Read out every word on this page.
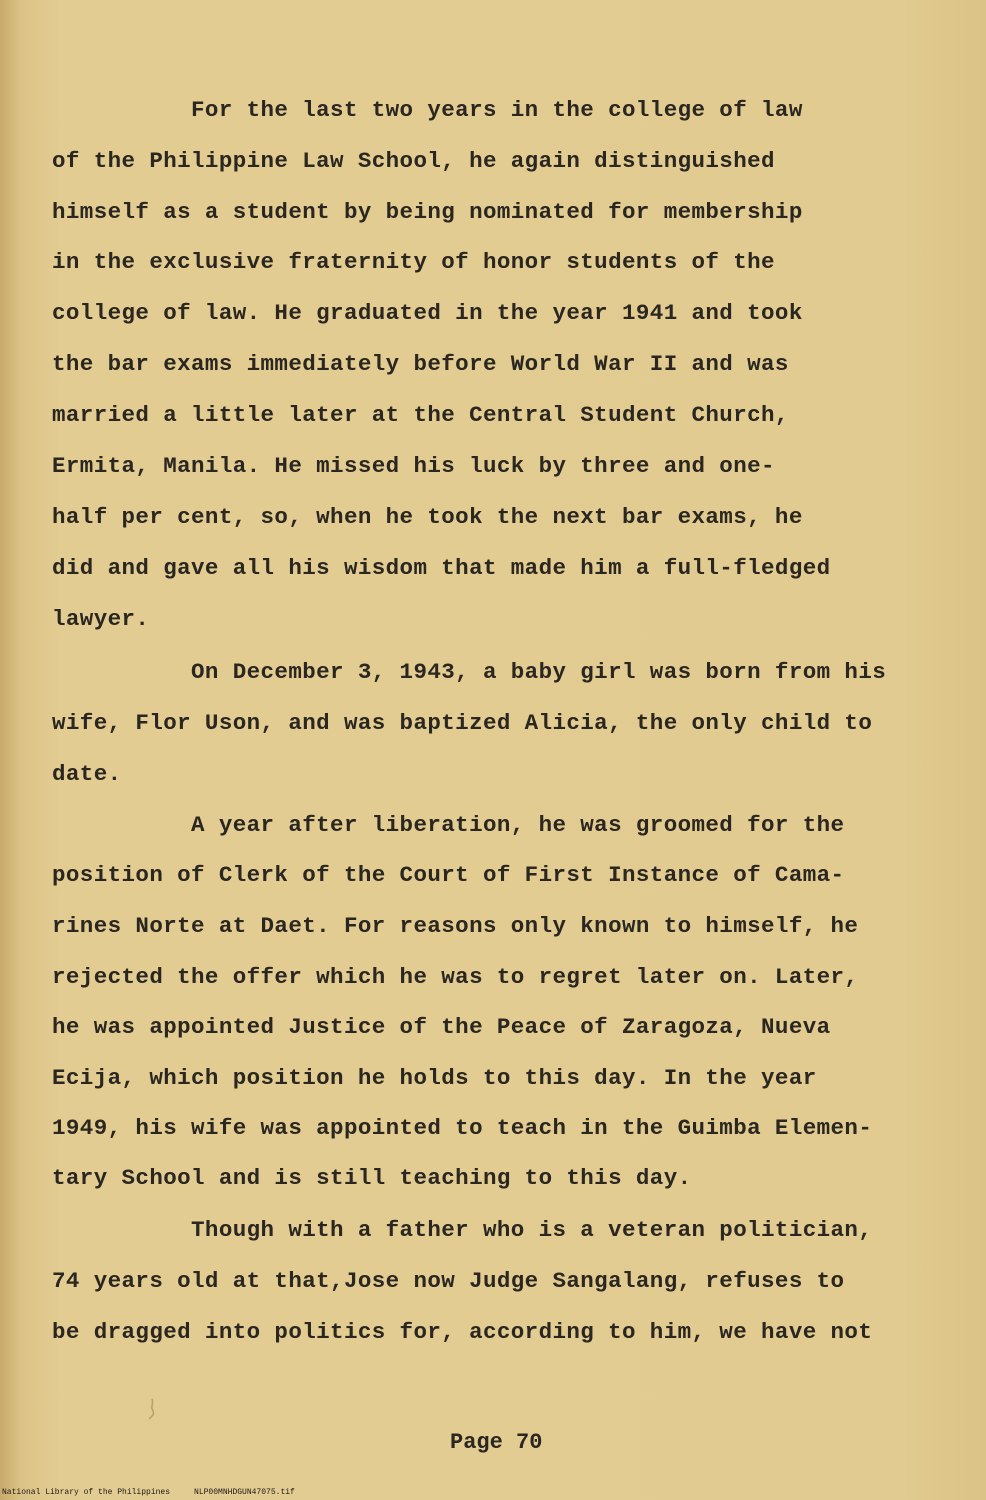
For the last two years in the college of law
of the Philippine Law School, he again distinguished
himself as a student by being nominated for membership
in the exclusive fraternity of honor students of the
college of law. He graduated in the year 1941 and took
the bar exams immediately before World War II and was
married a little later at the Central Student Church,
Ermita, Manila. He missed his luck by three and one-
half per cent, so, when he took the next bar exams, he
did and gave all his wisdom that made him a full-fledged
lawyer.
On December 3, 1943, a baby girl was born from his
wife, Flor Uson, and was baptized Alicia, the only child to
date.
A year after liberation, he was groomed for the
position of Clerk of the Court of First Instance of Cama-
rines Norte at Daet. For reasons only known to himself, he
rejected the offer which he was to regret later on. Later,
he was appointed Justice of the Peace of Zaragoza, Nueva
Ecija, which position he holds to this day. In the year
1949, his wife was appointed to teach in the Guimba Elemen-
tary School and is still teaching to this day.
Though with a father who is a veteran politician,
74 years old at that,Jose now Judge Sangalang, refuses to
be dragged into politics for, according to him, we have not
Page 70
National Library of the Philippines     NLP00MNHDGUN47075.tif
